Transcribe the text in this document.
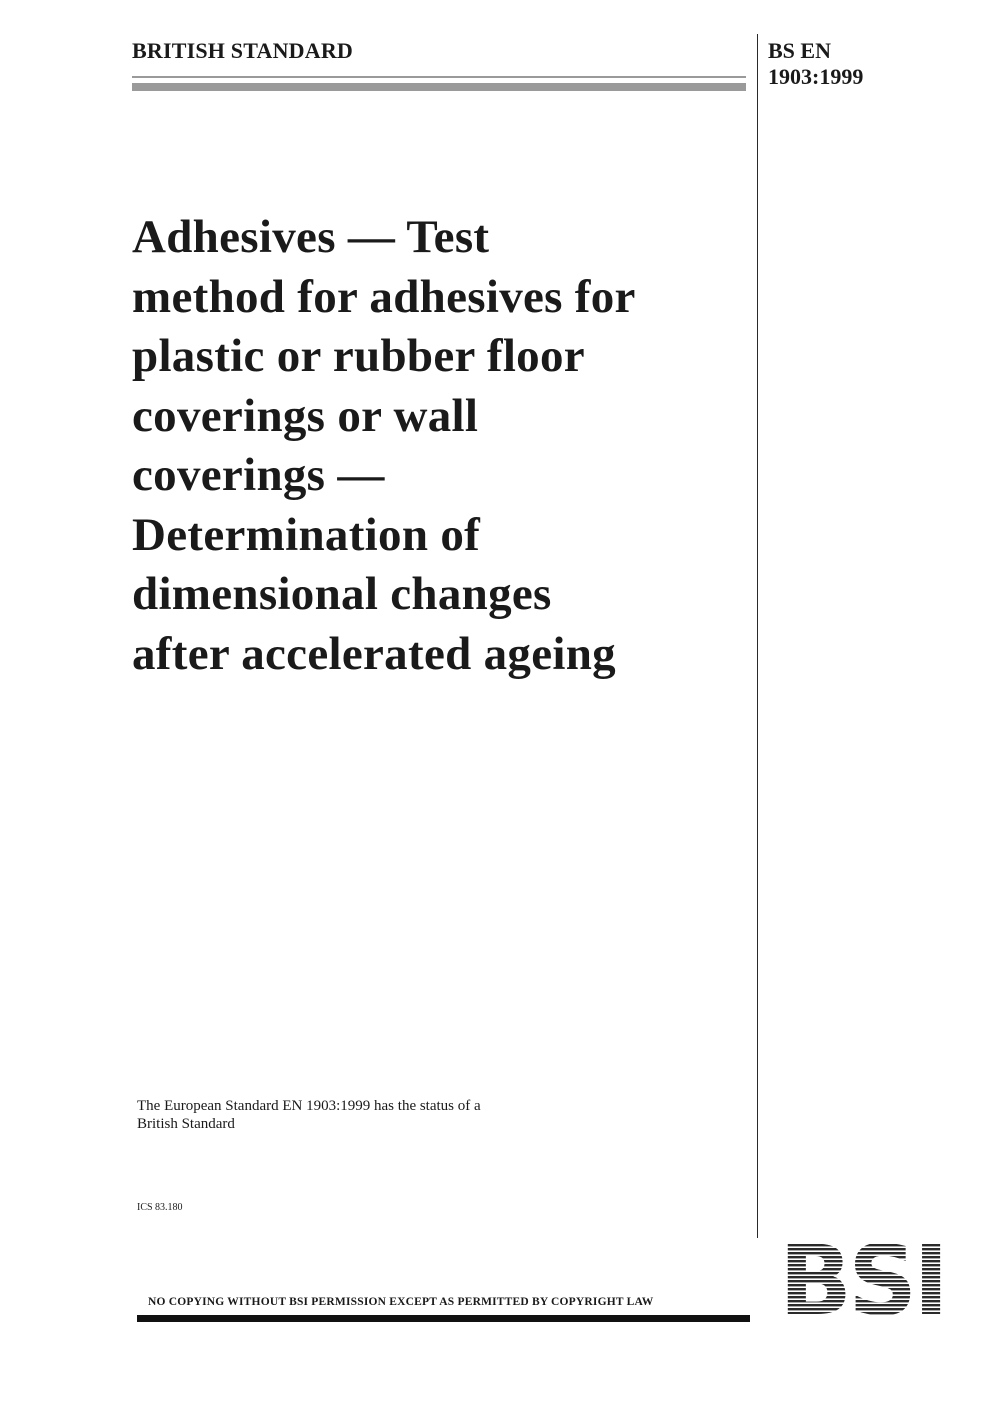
BRITISH STANDARD	BS EN
1903:1999
Adhesives — Test
method for adhesives for
plastic or rubber floor
coverings or wall
coverings —
Determination of
dimensional changes
after accelerated ageing
The European Standard EN 1903:1999 has the status of a
British Standard
ICS 83.180
NO COPYING WITHOUT BSI PERMISSION EXCEPT AS PERMITTED BY COPYRIGHT LAW BSI
